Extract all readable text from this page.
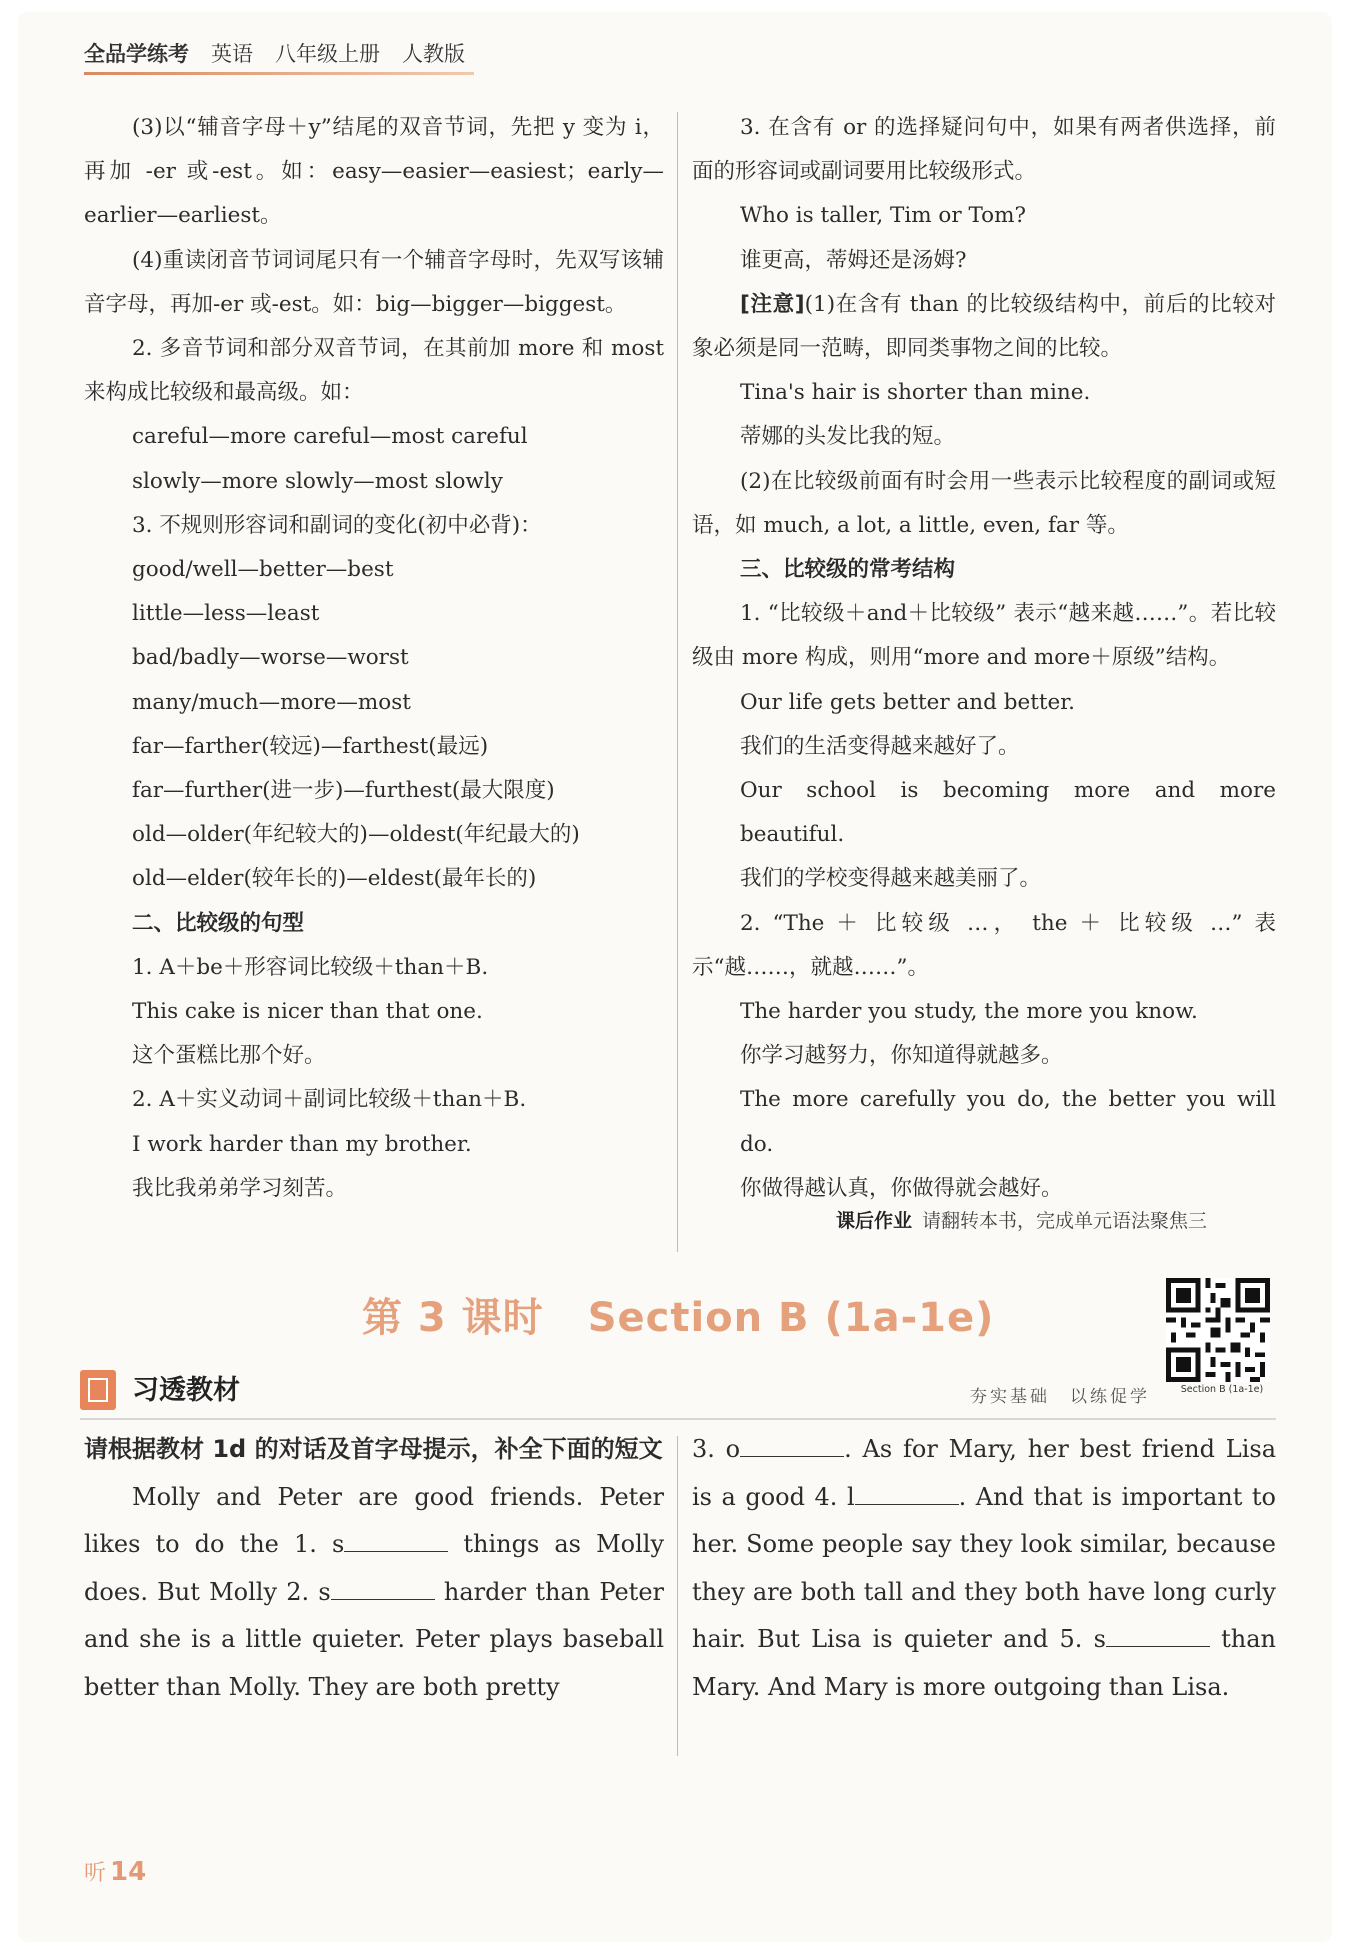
全品学练考 英语 八年级上册 人教版

(3)以“辅音字母＋y”结尾的双音节词，先把 y 变为 i，再加 -er 或-est。如：easy—easier—easiest；early—earlier—earliest。

(4)重读闭音节词词尾只有一个辅音字母时，先双写该辅音字母，再加-er 或-est。如：big—bigger—biggest。

2. 多音节词和部分双音节词，在其前加 more 和 most 来构成比较级和最高级。如：

careful—more careful—most careful

slowly—more slowly—most slowly

3. 不规则形容词和副词的变化(初中必背)：

good/well—better—best

little—less—least

bad/badly—worse—worst

many/much—more—most

far—farther(较远)—farthest(最远)

far—further(进一步)—furthest(最大限度)

old—older(年纪较大的)—oldest(年纪最大的)

old—elder(较年长的)—eldest(最年长的)

二、比较级的句型

1. A＋be＋形容词比较级＋than＋B.

This cake is nicer than that one.

这个蛋糕比那个好。

2. A＋实义动词＋副词比较级＋than＋B.

I work harder than my brother.

我比我弟弟学习刻苦。

3. 在含有 or 的选择疑问句中，如果有两者供选择，前面的形容词或副词要用比较级形式。

Who is taller, Tim or Tom?

谁更高，蒂姆还是汤姆?

[注意](1)在含有 than 的比较级结构中，前后的比较对象必须是同一范畴，即同类事物之间的比较。

Tina's hair is shorter than mine.

蒂娜的头发比我的短。

(2)在比较级前面有时会用一些表示比较程度的副词或短语，如 much, a lot, a little, even, far 等。

三、比较级的常考结构

1. “比较级＋and＋比较级” 表示“越来越……”。若比较级由 more 构成，则用“more and more＋原级”结构。

Our life gets better and better.

我们的生活变得越来越好了。

Our school is becoming more and more beautiful.

我们的学校变得越来越美丽了。

2. “The ＋ 比较级 …， the ＋ 比较级 …” 表示“越……，就越……”。

The harder you study, the more you know.

你学习越努力，你知道得就越多。

The more carefully you do, the better you will do.

你做得越认真，你做得就会越好。

课后作业 请翻转本书，完成单元语法聚焦三
第 3 课时 Section B (1a-1e)
Section B (1a-1e)
习透教材	夯实基础　以练促学

请根据教材 1d 的对话及首字母提示，补全下面的短文

Molly and Peter are good friends. Peter likes to do the 1. s	things as Molly does. But Molly 2. s	harder than Peter and she is a little quieter. Peter plays baseball better than Molly. They are both pretty

3. o	. As for Mary, her best friend Lisa is a good 4. l	. And that is important to her. Some people say they look similar, because they are both tall and they both have long curly hair. But Lisa is quieter and 5. s	than Mary. And Mary is more outgoing than Lisa.

听 14
